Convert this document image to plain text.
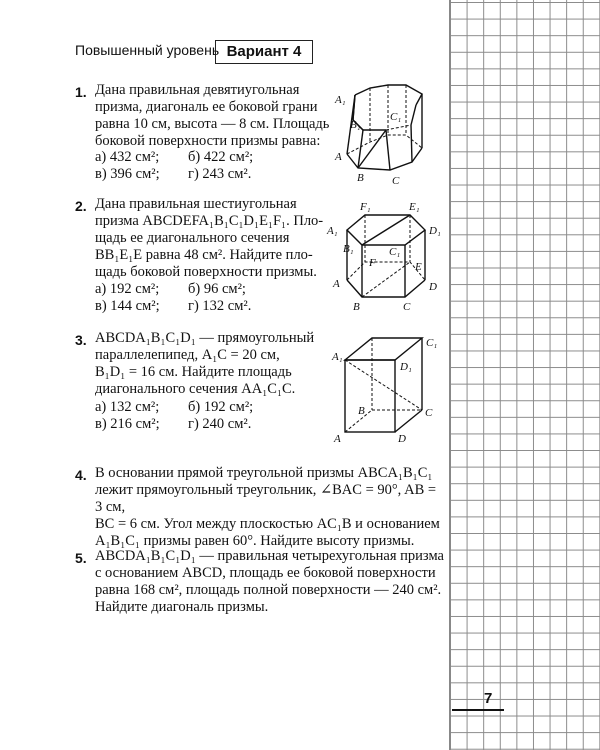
Повышенный уровень Вариант 4
1. Дана правильная девятиугольная
призма, диагональ ее боковой грани
равна 10 см, высота — 8 см. Площадь
боковой поверхности призмы равна:
а) 432 см²; б) 422 см²;
в) 396 см²; г) 243 см².
A₁
B₁
C₁
A
B	C
2. Дана правильная шестиугольная
призма ABCDEFA₁B₁C₁D₁E₁F₁. Пло-
щадь ее диагонального сечения
BB₁E₁E равна 48 см². Найдите пло-
щадь боковой поверхности призмы.
а) 192 см²; б) 96 см²;
в) 144 см²; г) 132 см².
F₁	E₁
A₁	D₁
B₁	C₁
F	E
A	D
B	C
3. ABCDA₁B₁C₁D₁ — прямоугольный
параллелепипед, A₁C = 20 см,
B₁D₁ = 16 см. Найдите площадь
диагонального сечения AA₁C₁C.
а) 132 см²; б) 192 см²;
в) 216 см²; г) 240 см².
A₁
C₁
D₁
B	C
A	D
4. В основании прямой треугольной призмы ABCA₁B₁C₁
лежит прямоугольный треугольник, ∠BAC = 90°, AB = 3 см,
BC = 6 см. Угол между плоскостью AC₁B и основанием
A₁B₁C₁ призмы равен 60°. Найдите высоту призмы.
5. ABCDA₁B₁C₁D₁ — правильная четырехугольная призма
с основанием ABCD, площадь ее боковой поверхности
равна 168 см², площадь полной поверхности — 240 см².
Найдите диагональ призмы.
7
